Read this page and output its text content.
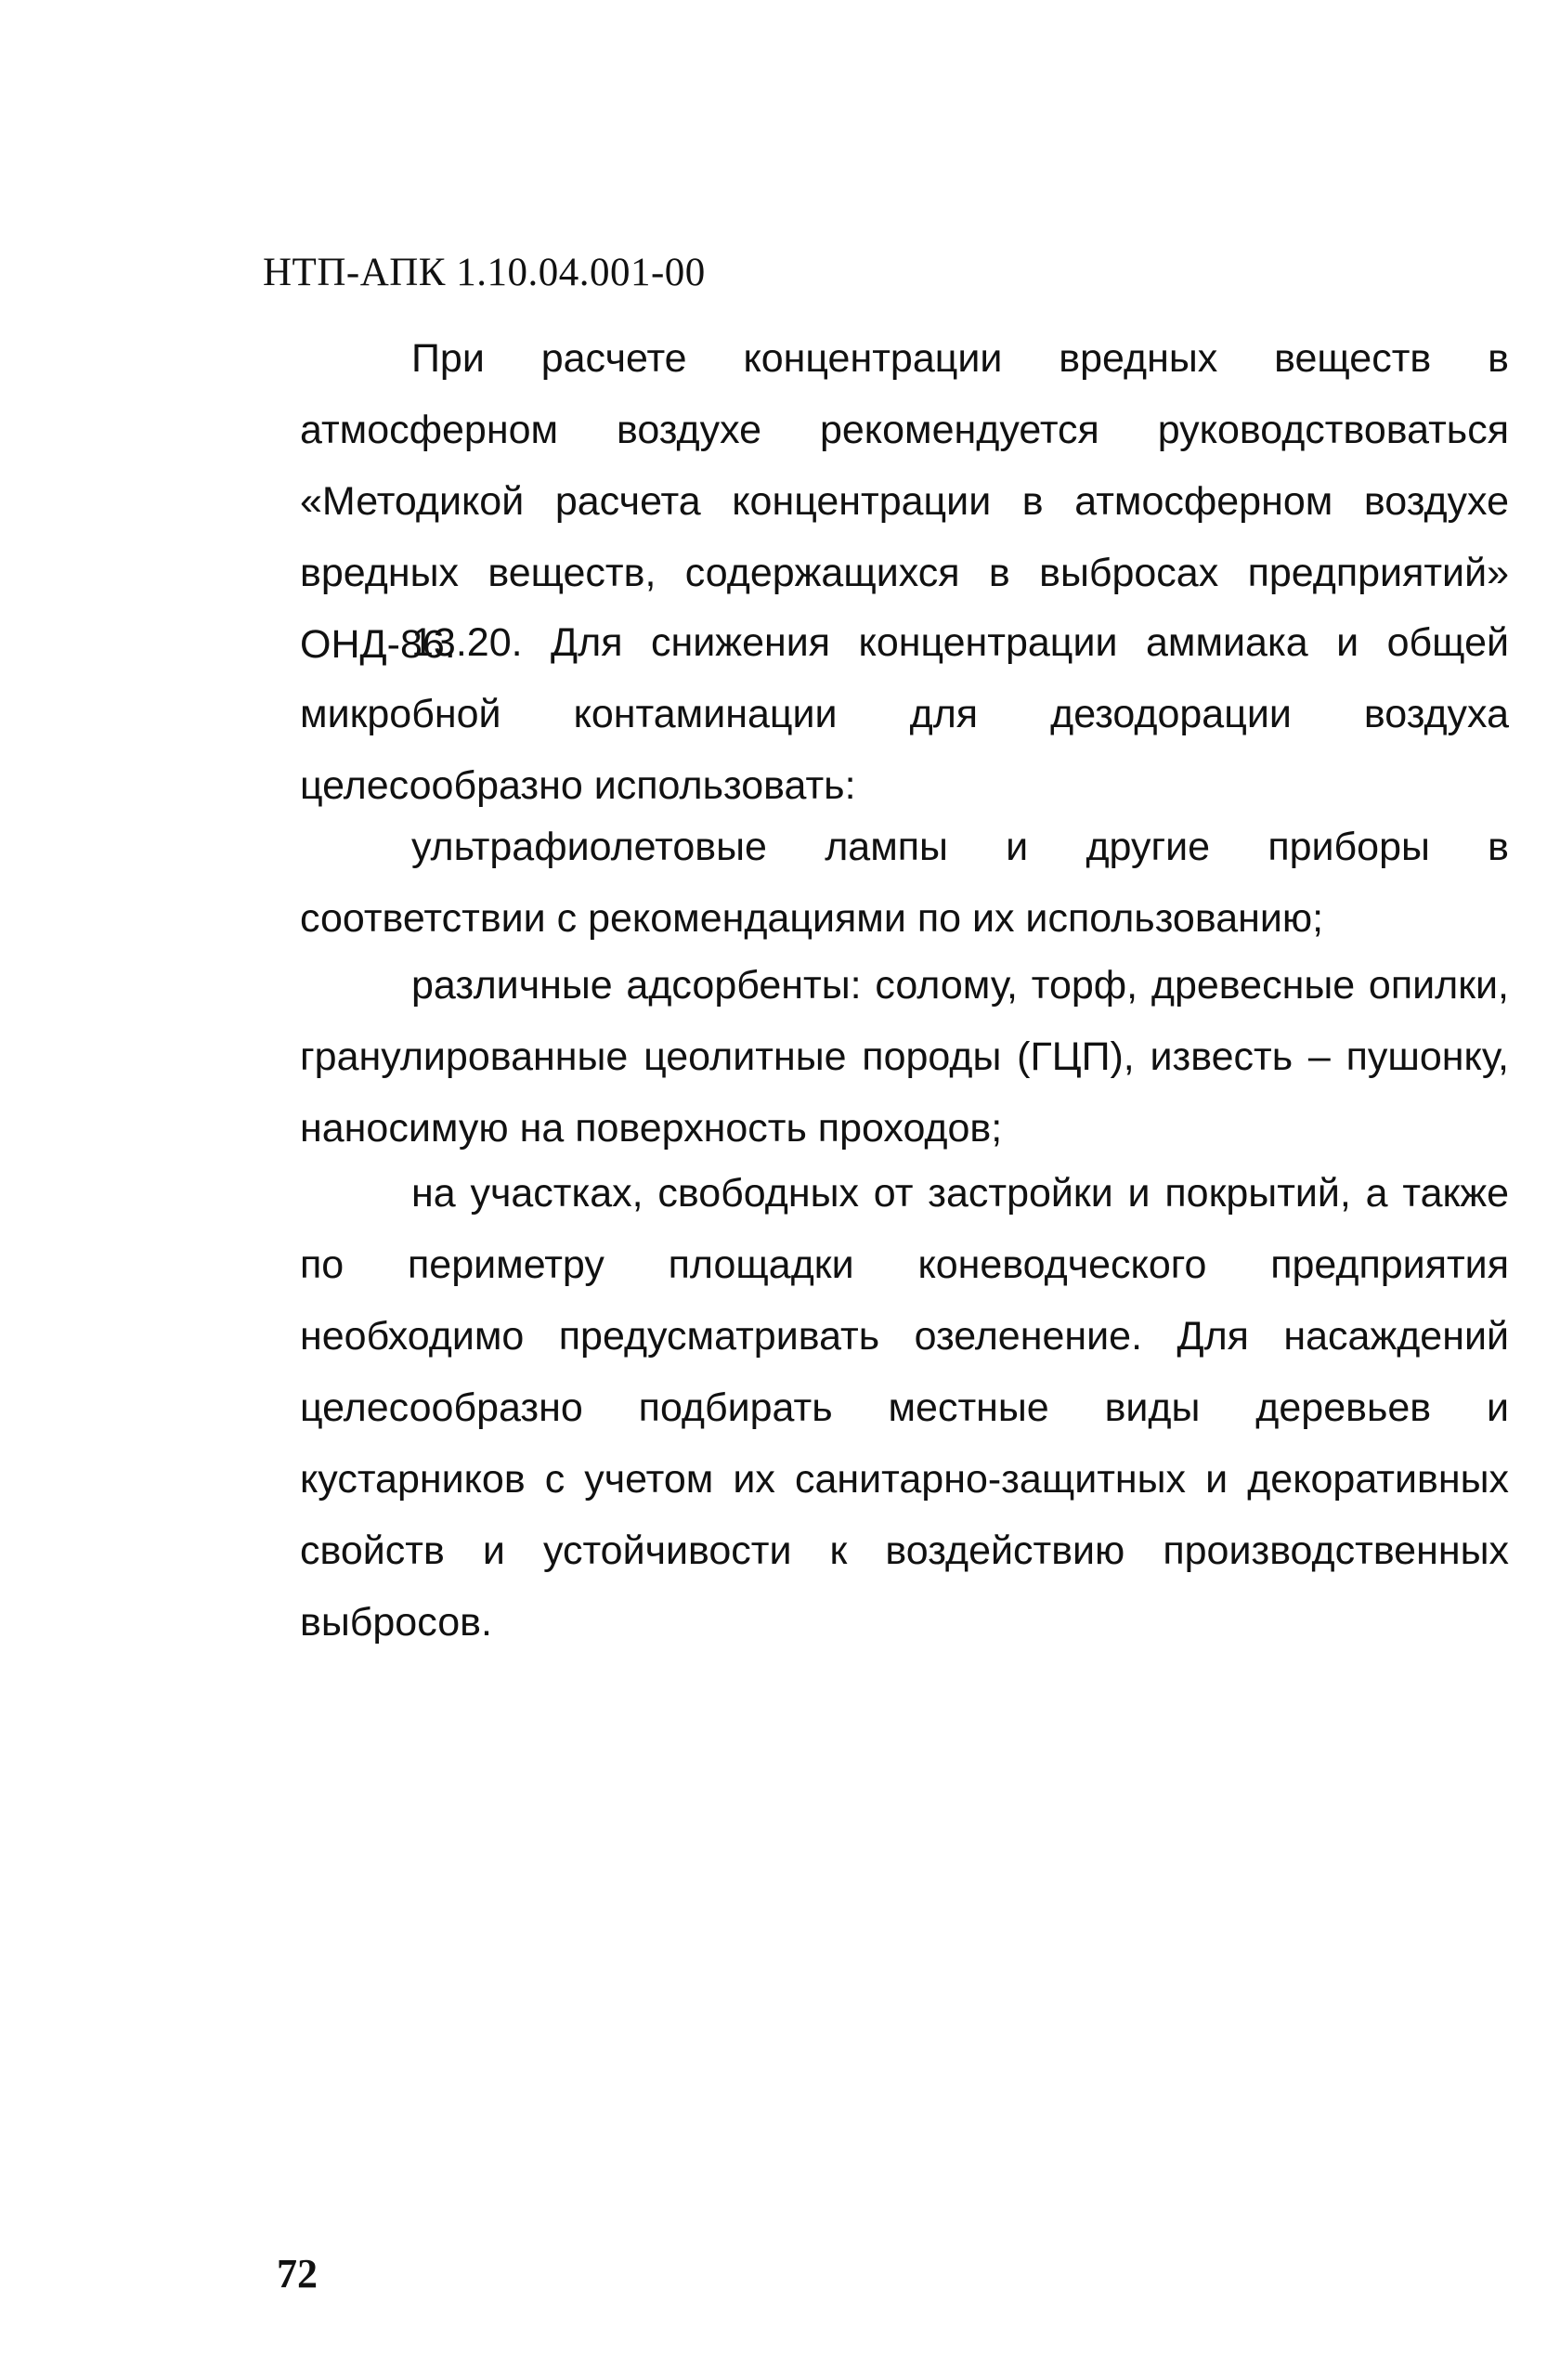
НТП-АПК 1.10.04.001-00

При расчете концентрации вредных веществ в атмосферном воздухе рекомендуется руководствоваться «Методикой расчета концентрации в атмосферном воздухе вредных веществ, содержащихся в выбросах предприятий» ОНД-86.

13.20. Для снижения концентрации аммиака и общей микробной контаминации для дезодорации воздуха целесообразно использовать:

ультрафиолетовые лампы и другие приборы в соответствии с рекомендациями по их использованию;

различные адсорбенты: солому, торф, древесные опилки, гранулированные цеолитные породы (ГЦП), известь – пушонку, наносимую на поверхность проходов;

на участках, свободных от застройки и покрытий, а также по периметру площадки коневодческого предприятия необходимо предусматривать озеленение. Для насаждений целесообразно подбирать местные виды деревьев и кустарников с учетом их санитарно-защитных и декоративных свойств и устойчивости к воздействию производственных выбросов.

72
